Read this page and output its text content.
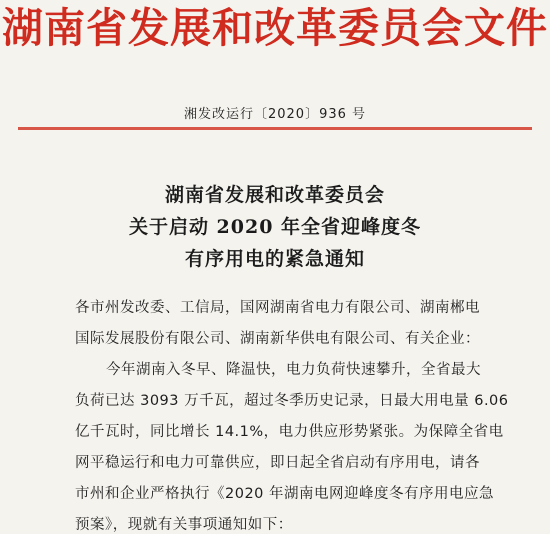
湖南省发展和改革委员会文件
湘发改运行〔2020〕936 号
湖南省发展和改革委员会
关于启动 2020 年全省迎峰度冬
有序用电的紧急通知
各市州发改委、工信局，国网湖南省电力有限公司、湖南郴电
国际发展股份有限公司、湖南新华供电有限公司、有关企业：
今年湖南入冬早、降温快，电力负荷快速攀升，全省最大
负荷已达 3093 万千瓦，超过冬季历史记录，日最大用电量 6.06
亿千瓦时，同比增长 14.1%，电力供应形势紧张。为保障全省电
网平稳运行和电力可靠供应，即日起全省启动有序用电，请各
市州和企业严格执行《2020 年湖南电网迎峰度冬有序用电应急
预案》，现就有关事项通知如下：
